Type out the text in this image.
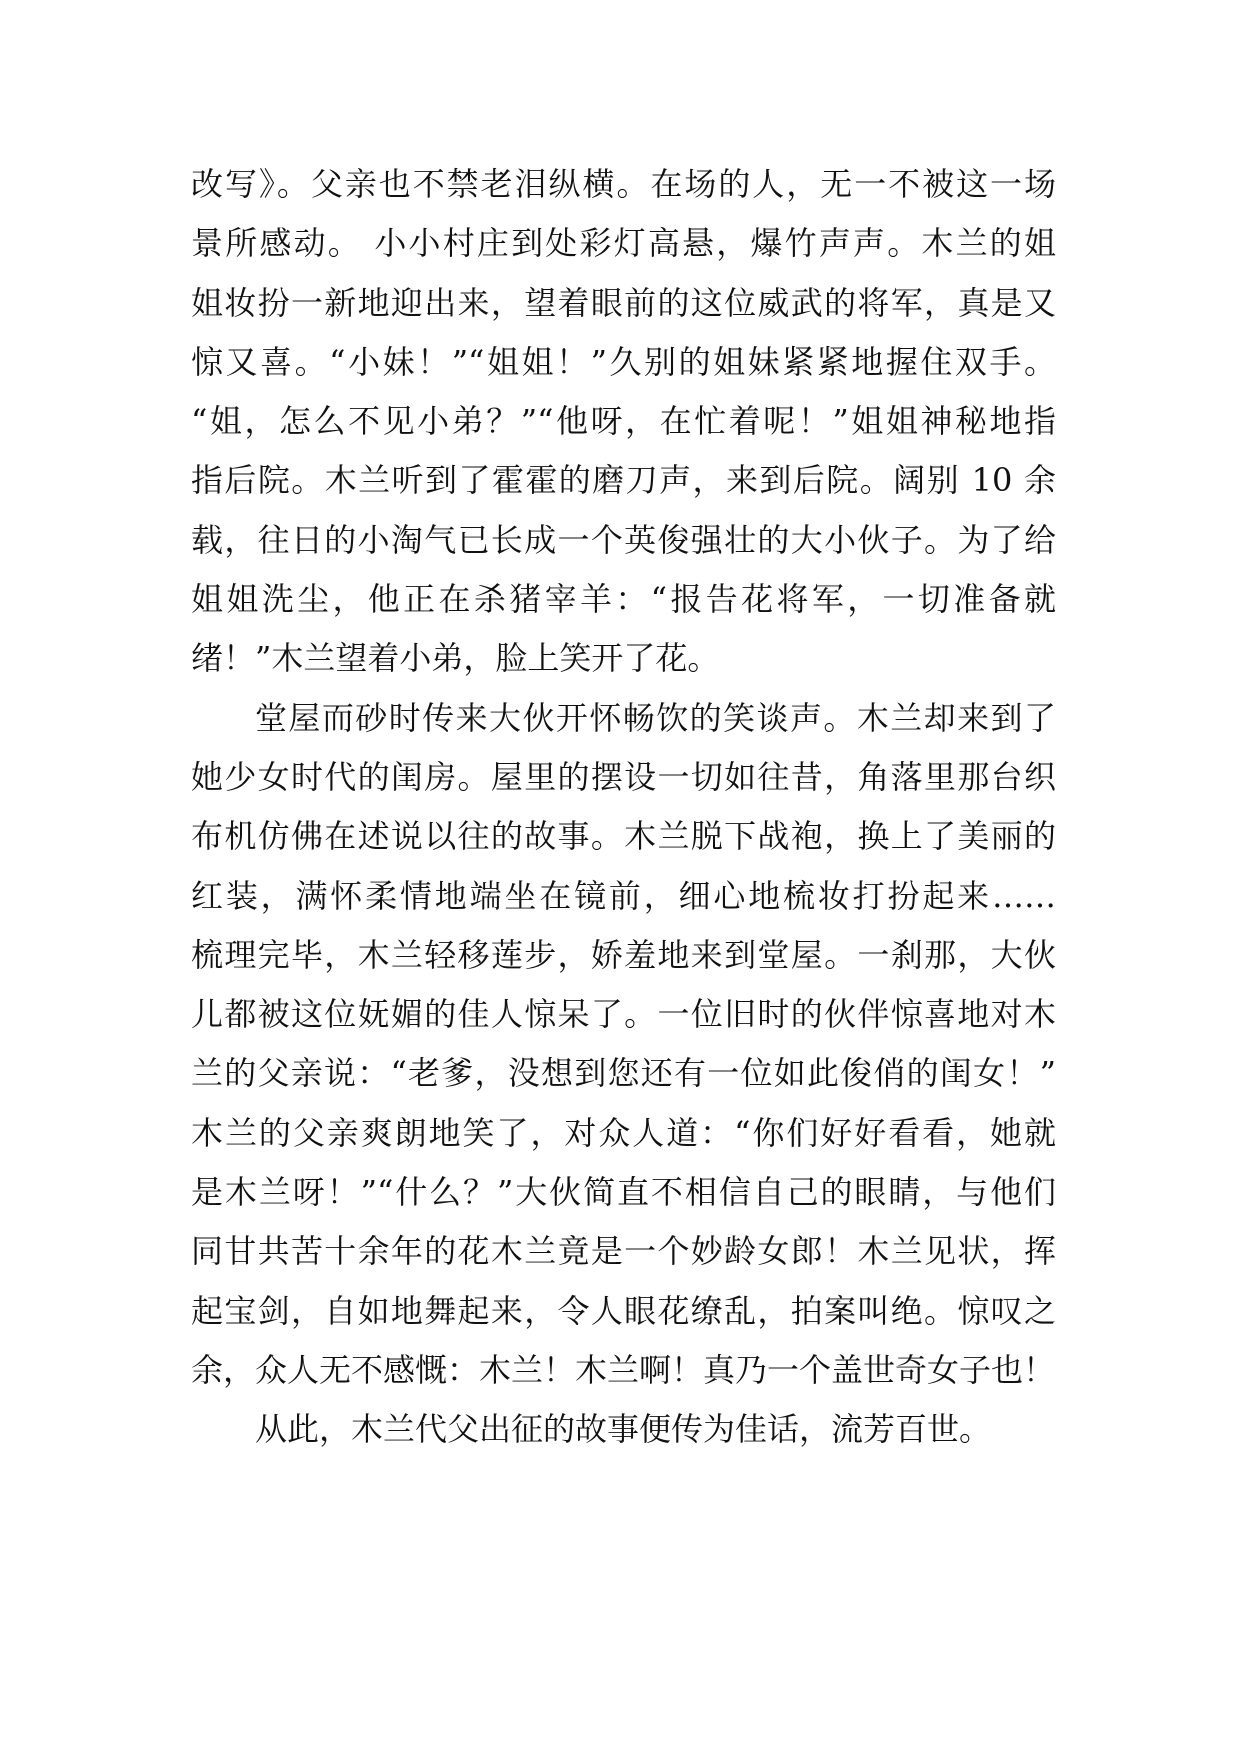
改写》。父亲也不禁老泪纵横。在场的人，无一不被这一场
景所感动。 小小村庄到处彩灯高悬，爆竹声声。木兰的姐
姐妆扮一新地迎出来，望着眼前的这位威武的将军，真是又
惊又喜。“小妹！”“姐姐！”久别的姐妹紧紧地握住双手。
“姐，怎么不见小弟？”“他呀，在忙着呢！”姐姐神秘地指
指后院。木兰听到了霍霍的磨刀声，来到后院。阔别 10 余
载，往日的小淘气已长成一个英俊强壮的大小伙子。为了给
姐姐洗尘，他正在杀猪宰羊：“报告花将军，一切准备就
绪！”木兰望着小弟，脸上笑开了花。
堂屋而砂时传来大伙开怀畅饮的笑谈声。木兰却来到了
她少女时代的闺房。屋里的摆设一切如往昔，角落里那台织
布机仿佛在述说以往的故事。木兰脱下战袍，换上了美丽的
红装，满怀柔情地端坐在镜前，细心地梳妆打扮起来……
梳理完毕，木兰轻移莲步，娇羞地来到堂屋。一刹那，大伙
儿都被这位妩媚的佳人惊呆了。一位旧时的伙伴惊喜地对木
兰的父亲说：“老爹，没想到您还有一位如此俊俏的闺女！”
木兰的父亲爽朗地笑了，对众人道：“你们好好看看，她就
是木兰呀！”“什么？”大伙简直不相信自己的眼睛，与他们
同甘共苦十余年的花木兰竟是一个妙龄女郎！木兰见状，挥
起宝剑，自如地舞起来，令人眼花缭乱，拍案叫绝。惊叹之
余，众人无不感慨：木兰！木兰啊！真乃一个盖世奇女子也！
从此，木兰代父出征的故事便传为佳话，流芳百世。
